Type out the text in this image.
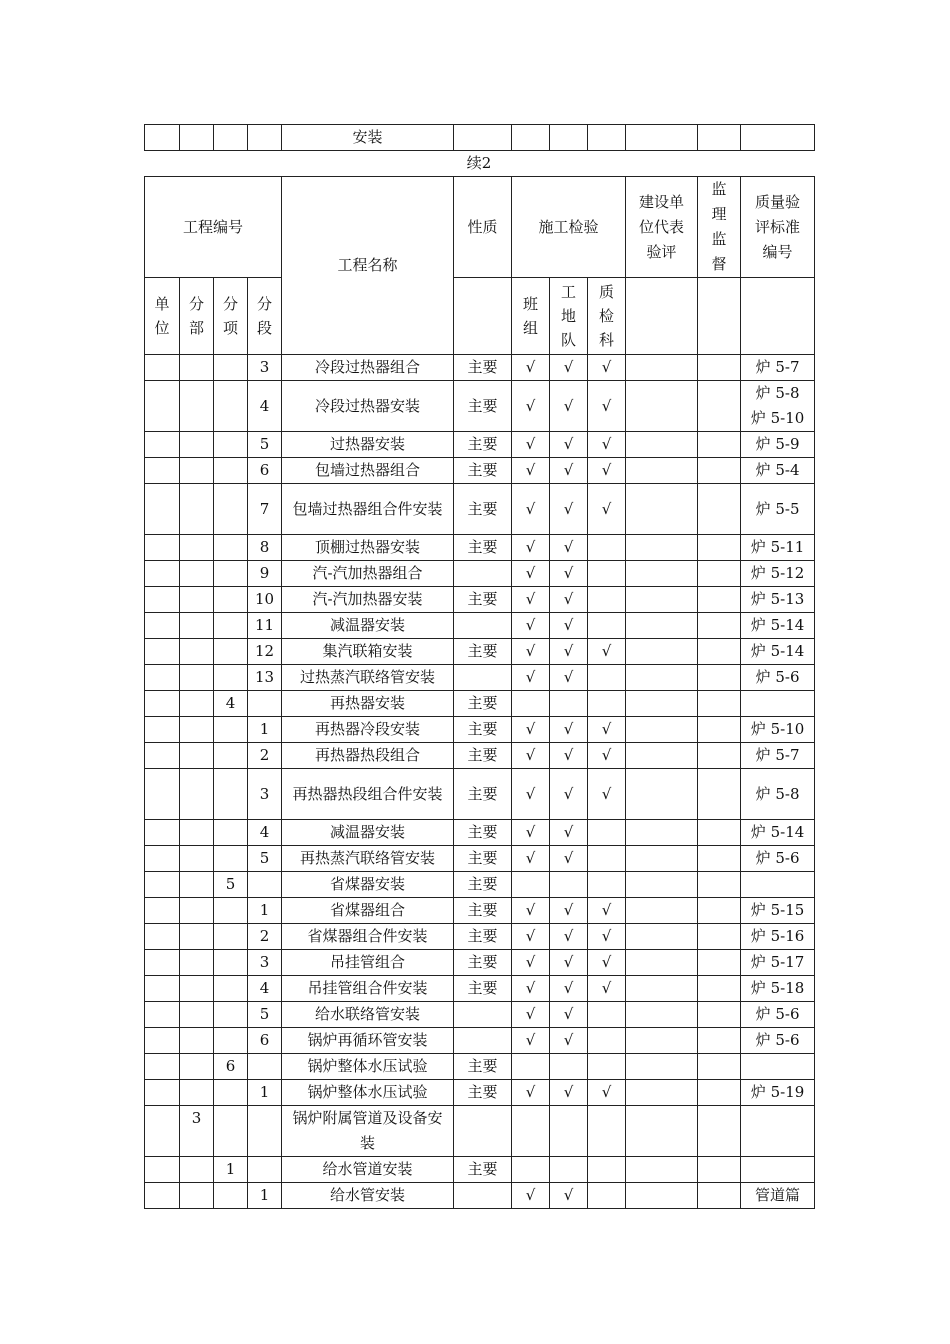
				安装							
续2
工程编号				工程名称	性质	施工检验			建设单位代表验评	监理监督	质量验评标准编号
单位	分部	分项	分段			班组	工地队	质检科			
			3	冷段过热器组合	主要	√	√	√			炉 5-7
			4	冷段过热器安装	主要	√	√	√			炉 5-8 炉 5-10
			5	过热器安装	主要	√	√	√			炉 5-9
			6	包墙过热器组合	主要	√	√	√			炉 5-4
			7	包墙过热器组合件安装	主要	√	√	√			炉 5-5
			8	顶棚过热器安装	主要	√	√				炉 5-11
			9	汽-汽加热器组合		√	√				炉 5-12
			10	汽-汽加热器安装	主要	√	√				炉 5-13
			11	减温器安装		√	√				炉 5-14
			12	集汽联箱安装	主要	√	√	√			炉 5-14
			13	过热蒸汽联络管安装		√	√				炉 5-6
		4		再热器安装	主要						
			1	再热器冷段安装	主要	√	√	√			炉 5-10
			2	再热器热段组合	主要	√	√	√			炉 5-7
			3	再热器热段组合件安装	主要	√	√	√			炉 5-8
			4	减温器安装	主要	√	√				炉 5-14
			5	再热蒸汽联络管安装	主要	√	√				炉 5-6
		5		省煤器安装	主要						
			1	省煤器组合	主要	√	√	√			炉 5-15
			2	省煤器组合件安装	主要	√	√	√			炉 5-16
			3	吊挂管组合	主要	√	√	√			炉 5-17
			4	吊挂管组合件安装	主要	√	√	√			炉 5-18
			5	给水联络管安装		√	√				炉 5-6
			6	锅炉再循环管安装		√	√				炉 5-6
		6		锅炉整体水压试验	主要						
			1	锅炉整体水压试验	主要	√	√	√			炉 5-19
	3			锅炉附属管道及设备安装							
		1		给水管道安装	主要						
			1	给水管安装		√	√				管道篇
